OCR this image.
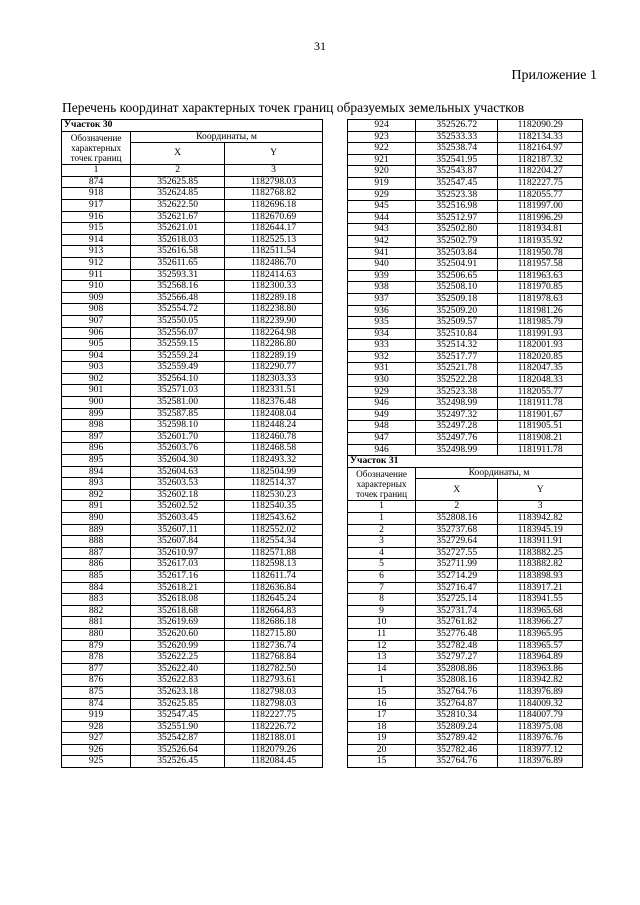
31
Приложение 1
Перечень координат характерных точек границ образуемых земельных участков
Участок 30		
Обозначение характерных точек границ	Координаты, м	
	X	Y
1	2	3
874	352625.85	1182798.03
918	352624.85	1182768.82
917	352622.50	1182696.18
916	352621.67	1182670.69
915	352621.01	1182644.17
914	352618.03	1182525.13
913	352616.58	1182511.54
912	352611.65	1182486.70
911	352593.31	1182414.63
910	352568.16	1182300.33
909	352566.48	1182289.18
908	352554.72	1182238.80
907	352550.05	1182239.90
906	352556.07	1182264.98
905	352559.15	1182286.80
904	352559.24	1182289.19
903	352559.49	1182290.77
902	352564.10	1182303.33
901	352571.03	1182331.51
900	352581.00	1182376.48
899	352587.85	1182408.04
898	352598.10	1182448.24
897	352601.70	1182460.78
896	352603.76	1182468.58
895	352604.30	1182493.32
894	352604.63	1182504.99
893	352603.53	1182514.37
892	352602.18	1182530.23
891	352602.52	1182540.35
890	352603.45	1182543.62
889	352607.11	1182552.02
888	352607.84	1182554.34
887	352610.97	1182571.88
886	352617.03	1182598.13
885	352617.16	1182611.74
884	352618.21	1182636.84
883	352618.08	1182645.24
882	352618.68	1182664.83
881	352619.69	1182686.18
880	352620.60	1182715.80
879	352620.99	1182736.74
878	352622.25	1182768.84
877	352622.40	1182782.50
876	352622.83	1182793.61
875	352623.18	1182798.03
874	352625.85	1182798.03
919	352547.45	1182227.75
928	352551.90	1182226.72
927	352542.87	1182188.01
926	352526.64	1182079.26
925	352526.45	1182084.45
924	352526.72	1182090.29
923	352533.33	1182134.33
922	352538.74	1182164.97
921	352541.95	1182187.32
920	352543.87	1182204.27
919	352547.45	1182227.75
929	352523.38	1182055.77
945	352516.98	1181997.00
944	352512.97	1181996.29
943	352502.80	1181934.81
942	352502.79	1181935.92
941	352503.84	1181950.78
940	352504.91	1181957.58
939	352506.65	1181963.63
938	352508.10	1181970.85
937	352509.18	1181978.63
936	352509.20	1181981.26
935	352509.57	1181985.79
934	352510.84	1181991.93
933	352514.32	1182001.93
932	352517.77	1182020.85
931	352521.78	1182047.35
930	352522.28	1182048.33
929	352523.38	1182055.77
946	352498.99	1181911.78
949	352497.32	1181901.67
948	352497.28	1181905.51
947	352497.76	1181908.21
946	352498.99	1181911.78
Участок 31		
Обозначение характерных точек границ	Координаты, м	
	X	Y
1	2	3
1	352808.16	1183942.82
2	352737.68	1183945.19
3	352729.64	1183911.91
4	352727.55	1183882.25
5	352711.99	1183882.82
6	352714.29	1183898.93
7	352716.47	1183917.21
8	352725.14	1183941.55
9	352731.74	1183965.68
10	352761.82	1183966.27
11	352776.48	1183965.95
12	352782.48	1183965.57
13	352797.27	1183964.89
14	352808.86	1183963.86
1	352808.16	1183942.82
15	352764.76	1183976.89
16	352764.87	1184009.32
17	352810.34	1184007.79
18	352809.24	1183975.08
19	352789.42	1183976.76
20	352782.46	1183977.12
15	352764.76	1183976.89
